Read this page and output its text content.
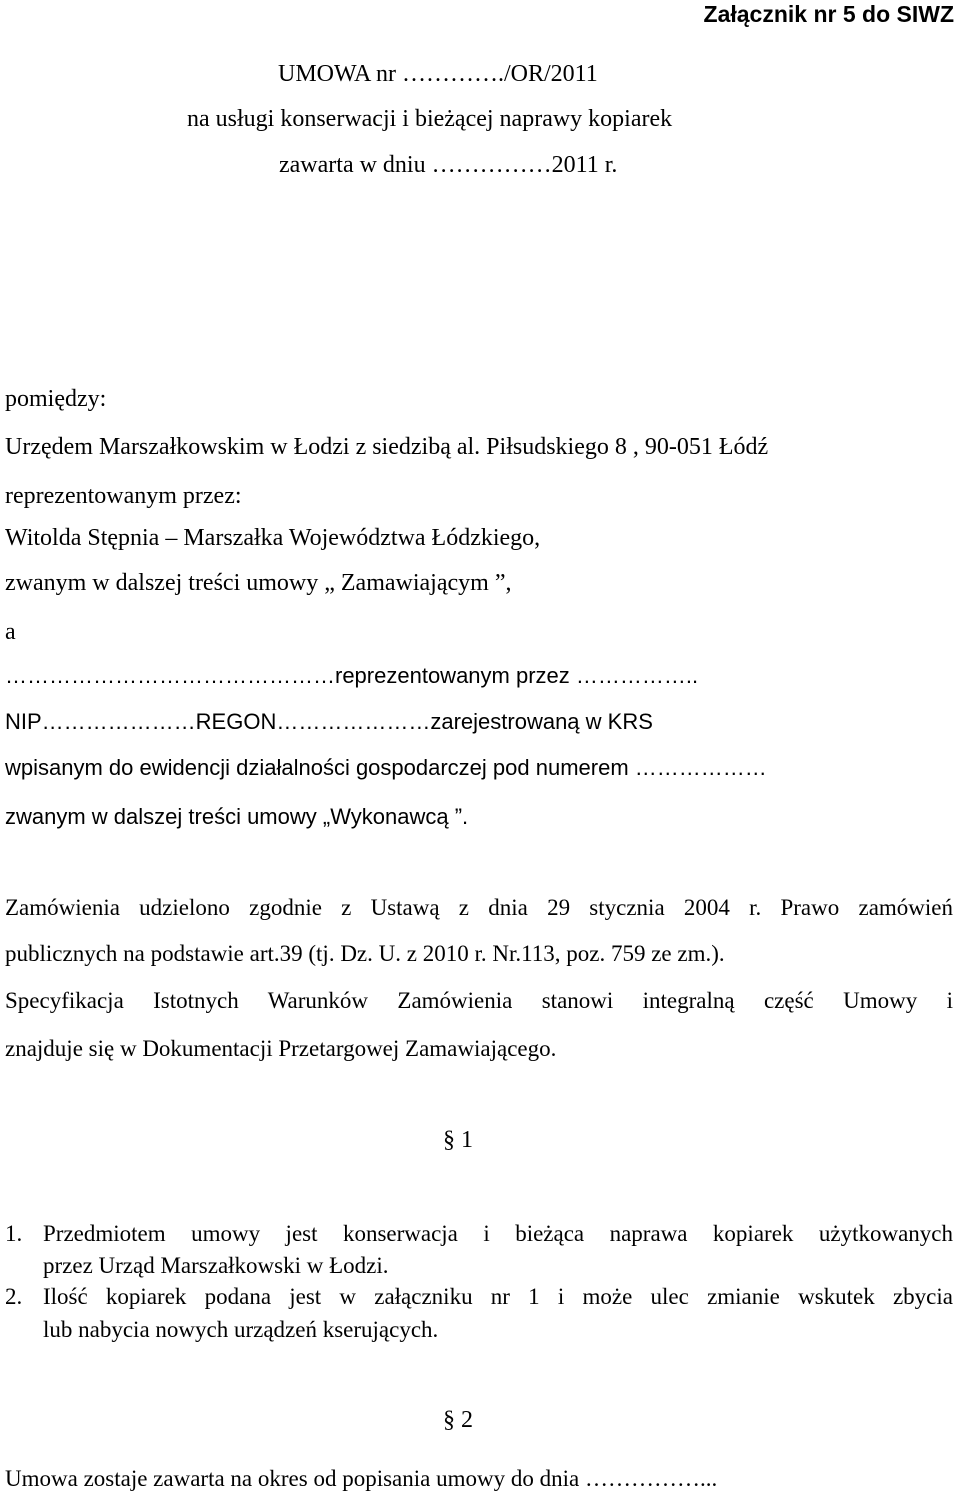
Załącznik nr 5 do SIWZ
UMOWA nr …………./OR/2011
na usługi konserwacji i bieżącej naprawy kopiarek
zawarta w dniu ……………2011 r.
pomiędzy:
Urzędem Marszałkowskim w Łodzi z siedzibą al. Piłsudskiego 8 , 90-051 Łódź
reprezentowanym przez:
Witolda Stępnia – Marszałka Województwa Łódzkiego,
zwanym w dalszej treści umowy „ Zamawiającym ”,
a
………………………………………reprezentowanym przez ……………..
NIP…………………REGON…………………zarejestrowaną w KRS
wpisanym do ewidencji działalności gospodarczej pod numerem ………………
zwanym w dalszej treści umowy „Wykonawcą ”.
Zamówienia udzielono zgodnie z Ustawą z dnia 29 stycznia 2004 r. Prawo zamówień
publicznych na podstawie art.39 (tj. Dz. U. z 2010 r. Nr.113, poz. 759 ze zm.).
Specyfikacja Istotnych Warunków Zamówienia stanowi integralną część Umowy i
znajduje się w Dokumentacji Przetargowej Zamawiającego.
§ 1
1. Przedmiotem umowy jest konserwacja i bieżąca naprawa kopiarek użytkowanych
przez Urząd Marszałkowski w Łodzi.
2. Ilość kopiarek podana jest w załączniku nr 1 i może ulec zmianie wskutek zbycia
lub nabycia nowych urządzeń kserujących.
§ 2
Umowa zostaje zawarta na okres od popisania umowy do dnia ……………...
